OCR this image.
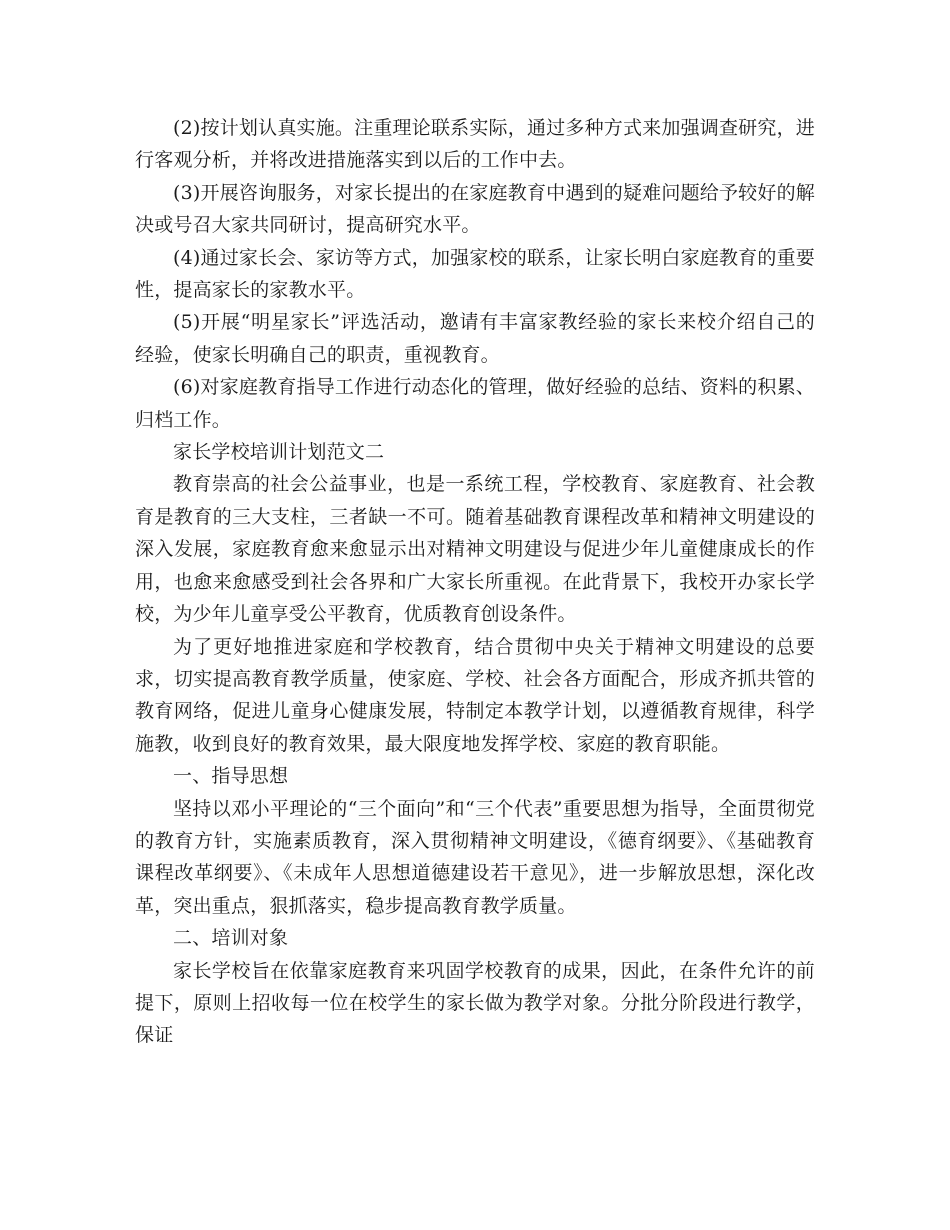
(2)按计划认真实施。注重理论联系实际，通过多种方式来加强调查研究，进行客观分析，并将改进措施落实到以后的工作中去。

(3)开展咨询服务，对家长提出的在家庭教育中遇到的疑难问题给予较好的解决或号召大家共同研讨，提高研究水平。

(4)通过家长会、家访等方式，加强家校的联系，让家长明白家庭教育的重要性，提高家长的家教水平。

(5)开展“明星家长”评选活动，邀请有丰富家教经验的家长来校介绍自己的经验，使家长明确自己的职责，重视教育。

(6)对家庭教育指导工作进行动态化的管理，做好经验的总结、资料的积累、归档工作。

家长学校培训计划范文二

教育崇高的社会公益事业，也是一系统工程，学校教育、家庭教育、社会教育是教育的三大支柱，三者缺一不可。随着基础教育课程改革和精神文明建设的深入发展，家庭教育愈来愈显示出对精神文明建设与促进少年儿童健康成长的作用，也愈来愈感受到社会各界和广大家长所重视。在此背景下，我校开办家长学校，为少年儿童享受公平教育，优质教育创设条件。

为了更好地推进家庭和学校教育，结合贯彻中央关于精神文明建设的总要求，切实提高教育教学质量，使家庭、学校、社会各方面配合，形成齐抓共管的教育网络，促进儿童身心健康发展，特制定本教学计划，以遵循教育规律，科学施教，收到良好的教育效果，最大限度地发挥学校、家庭的教育职能。

一、指导思想

坚持以邓小平理论的“三个面向”和“三个代表”重要思想为指导，全面贯彻党的教育方针，实施素质教育，深入贯彻精神文明建设，《德育纲要》、《基础教育课程改革纲要》、《未成年人思想道德建设若干意见》，进一步解放思想，深化改革，突出重点，狠抓落实，稳步提高教育教学质量。

二、培训对象

家长学校旨在依靠家庭教育来巩固学校教育的成果，因此，在条件允许的前提下，原则上招收每一位在校学生的家长做为教学对象。分批分阶段进行教学，保证
